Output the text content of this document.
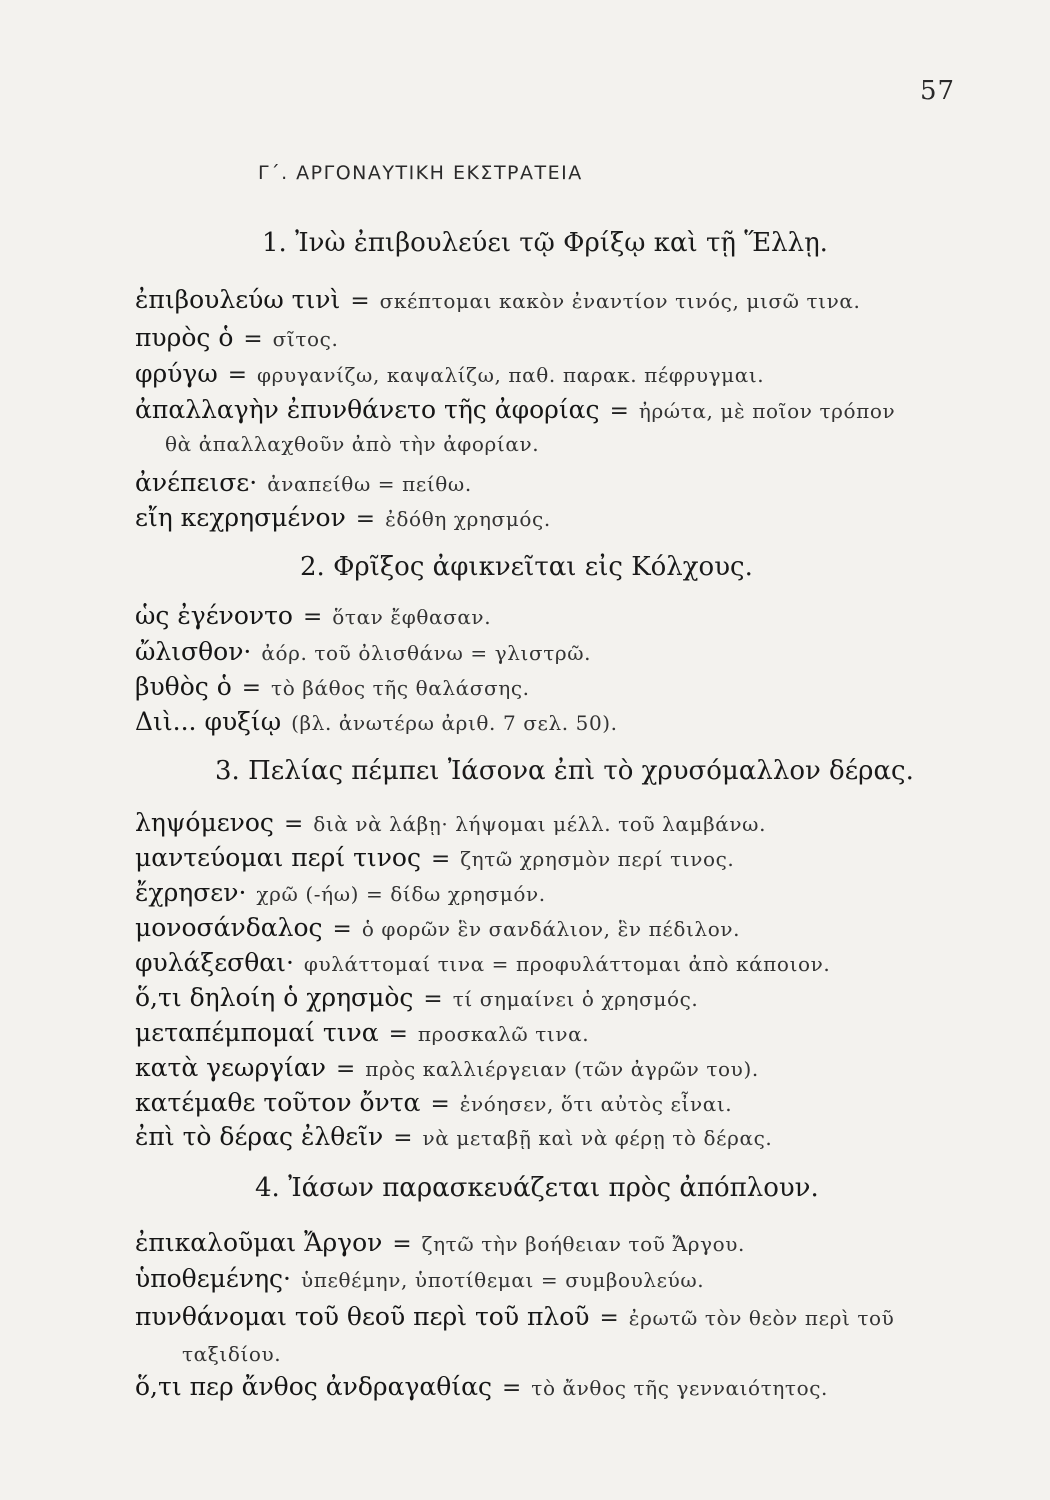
57
Γ΄. ΑΡΓΟΝΑΥΤΙΚΗ ΕΚΣΤΡΑΤΕΙΑ
1. Ἰνὼ ἐπιβουλεύει τῷ Φρίξῳ καὶ τῇ Ἕλλῃ.
ἐπιβουλεύω τινὶ = σκέπτομαι κακὸν ἐναντίον τινός, μισῶ τινα.
πυρὸς ὁ = σῖτος.
φρύγω = φρυγανίζω, καψαλίζω, παθ. παρακ. πέφρυγμαι.
ἀπαλλαγὴν ἐπυνθάνετο τῆς ἀφορίας = ἠρώτα, μὲ ποῖον τρόπον
θὰ ἀπαλλαχθοῦν ἀπὸ τὴν ἀφορίαν.
ἀνέπεισε· ἀναπείθω = πείθω.
εἴη κεχρησμένον = ἐδόθη χρησμός.
2. Φρῖξος ἀφικνεῖται εἰς Κόλχους.
ὡς ἐγένοντο = ὅταν ἔφθασαν.
ὤλισθον· ἀόρ. τοῦ ὀλισθάνω = γλιστρῶ.
βυθὸς ὁ = τὸ βάθος τῆς θαλάσσης.
Διὶ... φυξίῳ (βλ. ἀνωτέρω ἀριθ. 7 σελ. 50).
3. Πελίας πέμπει Ἰάσονα ἐπὶ τὸ χρυσόμαλλον δέρας.
ληψόμενος = διὰ νὰ λάβῃ· λήψομαι μέλλ. τοῦ λαμβάνω.
μαντεύομαι περί τινος = ζητῶ χρησμὸν περί τινος.
ἔχρησεν· χρῶ (-ήω) = δίδω χρησμόν.
μονοσάνδαλος = ὁ φορῶν ἓν σανδάλιον, ἓν πέδιλον.
φυλάξεσθαι· φυλάττομαί τινα = προφυλάττομαι ἀπὸ κάποιον.
ὅ,τι δηλοίη ὁ χρησμὸς = τί σημαίνει ὁ χρησμός.
μεταπέμπομαί τινα = προσκαλῶ τινα.
κατὰ γεωργίαν = πρὸς καλλιέργειαν (τῶν ἀγρῶν του).
κατέμαθε τοῦτον ὄντα = ἐνόησεν, ὅτι αὐτὸς εἶναι.
ἐπὶ τὸ δέρας ἐλθεῖν = νὰ μεταβῇ καὶ νὰ φέρῃ τὸ δέρας.
4. Ἰάσων παρασκευάζεται πρὸς ἀπόπλουν.
ἐπικαλοῦμαι Ἄργον = ζητῶ τὴν βοήθειαν τοῦ Ἄργου.
ὑποθεμένης· ὑπεθέμην, ὑποτίθεμαι = συμβουλεύω.
πυνθάνομαι τοῦ θεοῦ περὶ τοῦ πλοῦ = ἐρωτῶ τὸν θεὸν περὶ τοῦ
ταξιδίου.
ὅ,τι περ ἄνθος ἀνδραγαθίας = τὸ ἄνθος τῆς γενναιότητος.
